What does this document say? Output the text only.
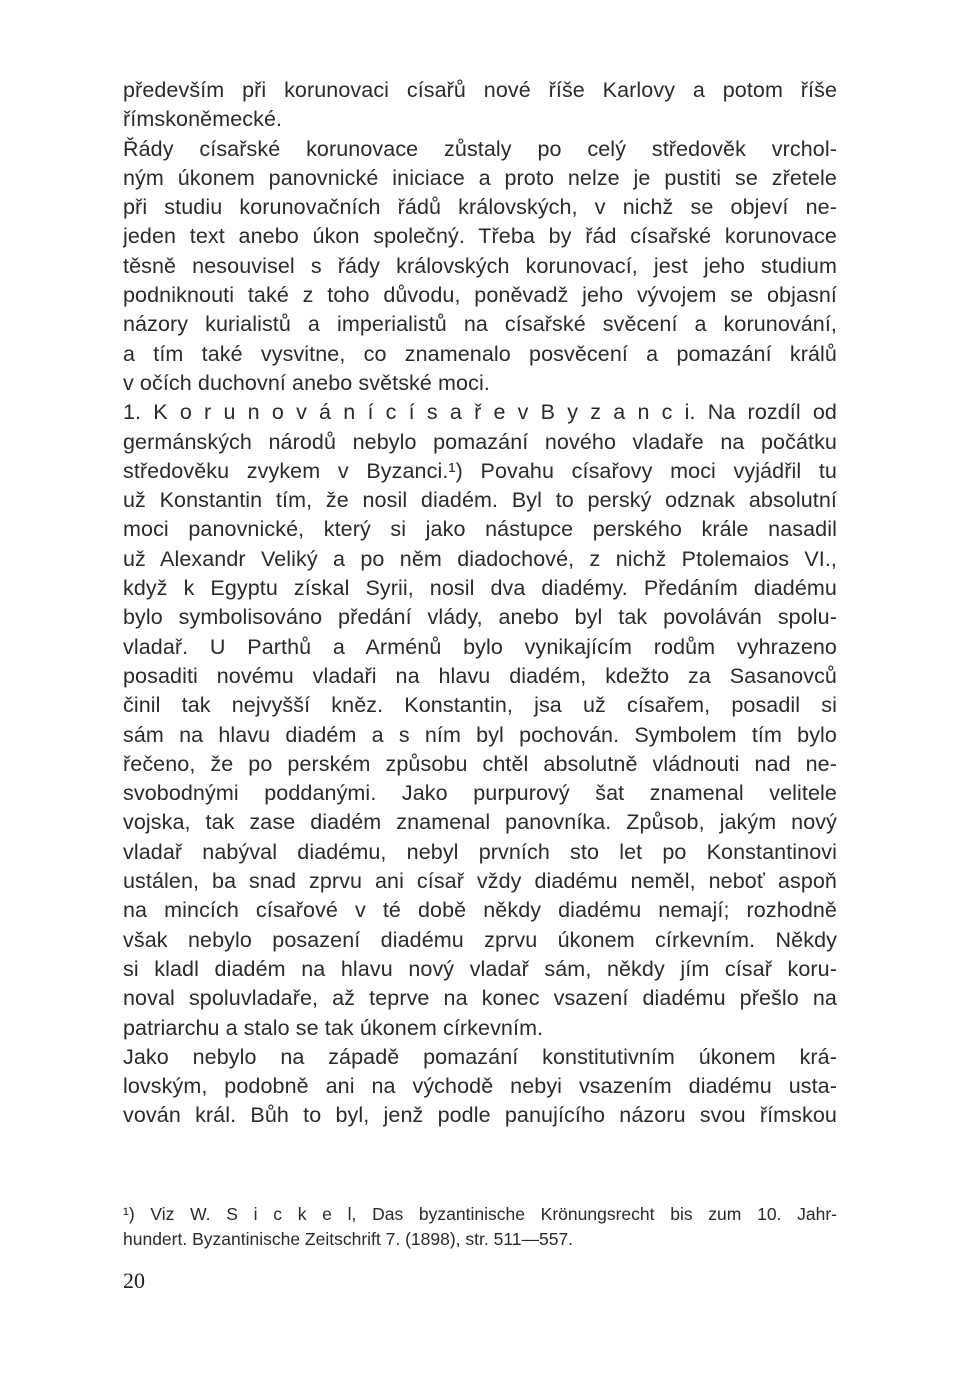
především při korunovaci císařů nové říše Karlovy a potom říše
římskoněmecké.
Řády císařské korunovace zůstaly po celý středověk vrchol-
ným úkonem panovnické iniciace a proto nelze je pustiti se zřetele
při studiu korunovačních řádů královských, v nichž se objeví ne-
jeden text anebo úkon společný. Třeba by řád císařské korunovace
těsně nesouvisel s řády královských korunovací, jest jeho studium
podniknouti také z toho důvodu, poněvadž jeho vývojem se objasní
názory kurialistů a imperialistů na císařské svěcení a korunování,
a tím také vysvitne, co znamenalo posvěcení a pomazání králů
v očích duchovní anebo světské moci.
1. K o r u n o v á n í c í s a ř e v B y z a n c i. Na rozdíl od
germánských národů nebylo pomazání nového vladaře na počátku
středověku zvykem v Byzanci.¹) Povahu císařovy moci vyjádřil tu
už Konstantin tím, že nosil diadém. Byl to perský odznak absolutní
moci panovnické, který si jako nástupce perského krále nasadil
už Alexandr Veliký a po něm diadochové, z nichž Ptolemaios VI.,
když k Egyptu získal Syrii, nosil dva diadémy. Předáním diadému
bylo symbolisováno předání vlády, anebo byl tak povoláván spolu-
vladař. U Parthů a Arménů bylo vynikajícím rodům vyhrazeno
posaditi novému vladaři na hlavu diadém, kdežto za Sasanovců
činil tak nejvyšší kněz. Konstantin, jsa už císařem, posadil si
sám na hlavu diadém a s ním byl pochován. Symbolem tím bylo
řečeno, že po perském způsobu chtěl absolutně vládnouti nad ne-
svobodnými poddanými. Jako purpurový šat znamenal velitele
vojska, tak zase diadém znamenal panovníka. Způsob, jakým nový
vladař nabýval diadému, nebyl prvních sto let po Konstantinovi
ustálen, ba snad zprvu ani císař vždy diadému neměl, neboť aspoň
na mincích císařové v té době někdy diadému nemají; rozhodně
však nebylo posazení diadému zprvu úkonem církevním. Někdy
si kladl diadém na hlavu nový vladař sám, někdy jím císař koru-
noval spoluvladaře, až teprve na konec vsazení diadému přešlo na
patriarchu a stalo se tak úkonem církevním.
Jako nebylo na západě pomazání konstitutivním úkonem krá-
lovským, podobně ani na východě nebyi vsazením diadému usta-
vován král. Bůh to byl, jenž podle panujícího názoru svou římskou
¹) Viz W. S i c k e l, Das byzantinische Krönungsrecht bis zum 10. Jahr-
hundert. Byzantinische Zeitschrift 7. (1898), str. 511—557.
20
